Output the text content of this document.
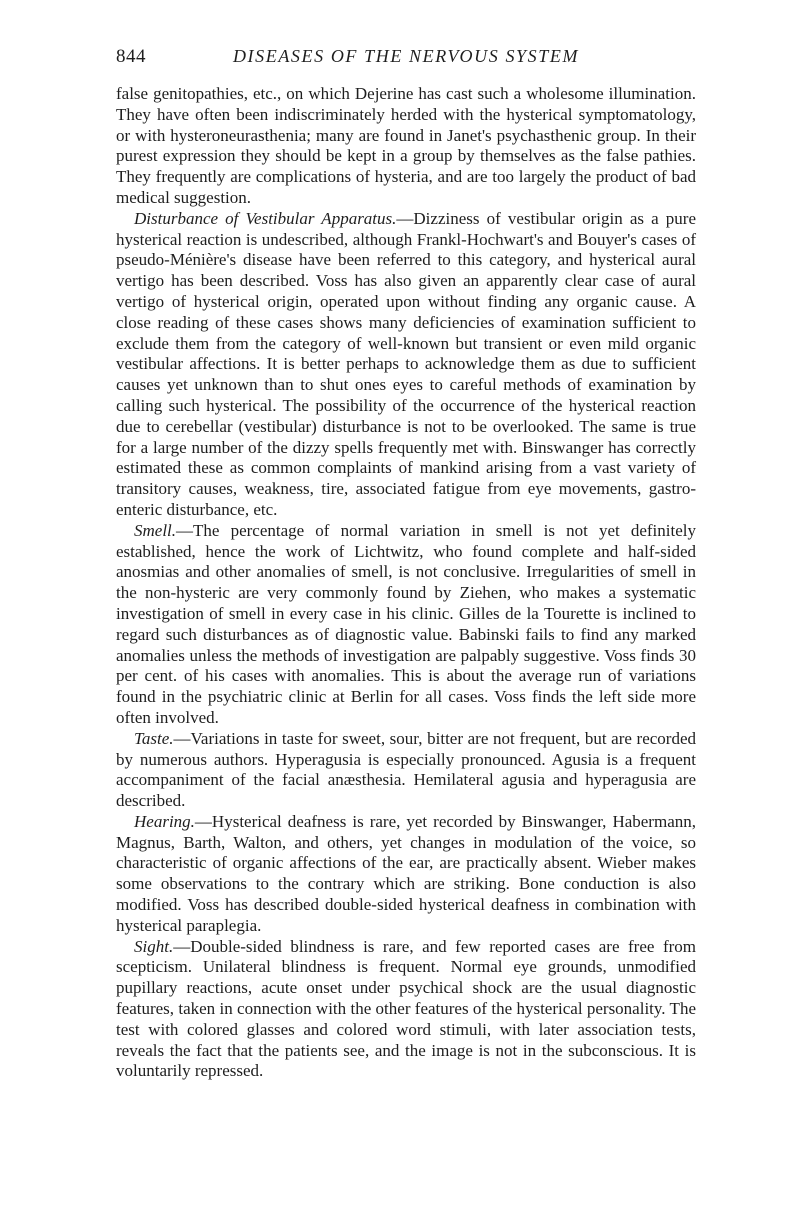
844	DISEASES OF THE NERVOUS SYSTEM

false genitopathies, etc., on which Dejerine has cast such a wholesome illumination. They have often been indiscriminately herded with the hysterical symptomatology, or with hysteroneurasthenia; many are found in Janet's psychasthenic group. In their purest expression they should be kept in a group by themselves as the false pathies. They frequently are complications of hysteria, and are too largely the product of bad medical suggestion.

Disturbance of Vestibular Apparatus.—Dizziness of vestibular origin as a pure hysterical reaction is undescribed, although Frankl-Hochwart's and Bouyer's cases of pseudo-Ménière's disease have been referred to this category, and hysterical aural vertigo has been described. Voss has also given an apparently clear case of aural vertigo of hysterical origin, operated upon without finding any organic cause. A close reading of these cases shows many deficiencies of examination sufficient to exclude them from the category of well-known but transient or even mild organic vestibular affections. It is better perhaps to acknowledge them as due to sufficient causes yet unknown than to shut ones eyes to careful methods of examination by calling such hysterical. The possibility of the occurrence of the hysterical reaction due to cerebellar (vestibular) disturbance is not to be overlooked. The same is true for a large number of the dizzy spells frequently met with. Binswanger has correctly estimated these as common complaints of mankind arising from a vast variety of transitory causes, weakness, tire, associated fatigue from eye movements, gastro-enteric disturbance, etc.

Smell.—The percentage of normal variation in smell is not yet definitely established, hence the work of Lichtwitz, who found complete and half-sided anosmias and other anomalies of smell, is not conclusive. Irregularities of smell in the non-hysteric are very commonly found by Ziehen, who makes a systematic investigation of smell in every case in his clinic. Gilles de la Tourette is inclined to regard such disturbances as of diagnostic value. Babinski fails to find any marked anomalies unless the methods of investigation are palpably suggestive. Voss finds 30 per cent. of his cases with anomalies. This is about the average run of variations found in the psychiatric clinic at Berlin for all cases. Voss finds the left side more often involved.

Taste.—Variations in taste for sweet, sour, bitter are not frequent, but are recorded by numerous authors. Hyperagusia is especially pronounced. Agusia is a frequent accompaniment of the facial anæsthesia. Hemilateral agusia and hyperagusia are described.

Hearing.—Hysterical deafness is rare, yet recorded by Binswanger, Habermann, Magnus, Barth, Walton, and others, yet changes in modulation of the voice, so characteristic of organic affections of the ear, are practically absent. Wieber makes some observations to the contrary which are striking. Bone conduction is also modified. Voss has described double-sided hysterical deafness in combination with hysterical paraplegia.

Sight.—Double-sided blindness is rare, and few reported cases are free from scepticism. Unilateral blindness is frequent. Normal eye grounds, unmodified pupillary reactions, acute onset under psychical shock are the usual diagnostic features, taken in connection with the other features of the hysterical personality. The test with colored glasses and colored word stimuli, with later association tests, reveals the fact that the patients see, and the image is not in the subconscious. It is voluntarily repressed.
